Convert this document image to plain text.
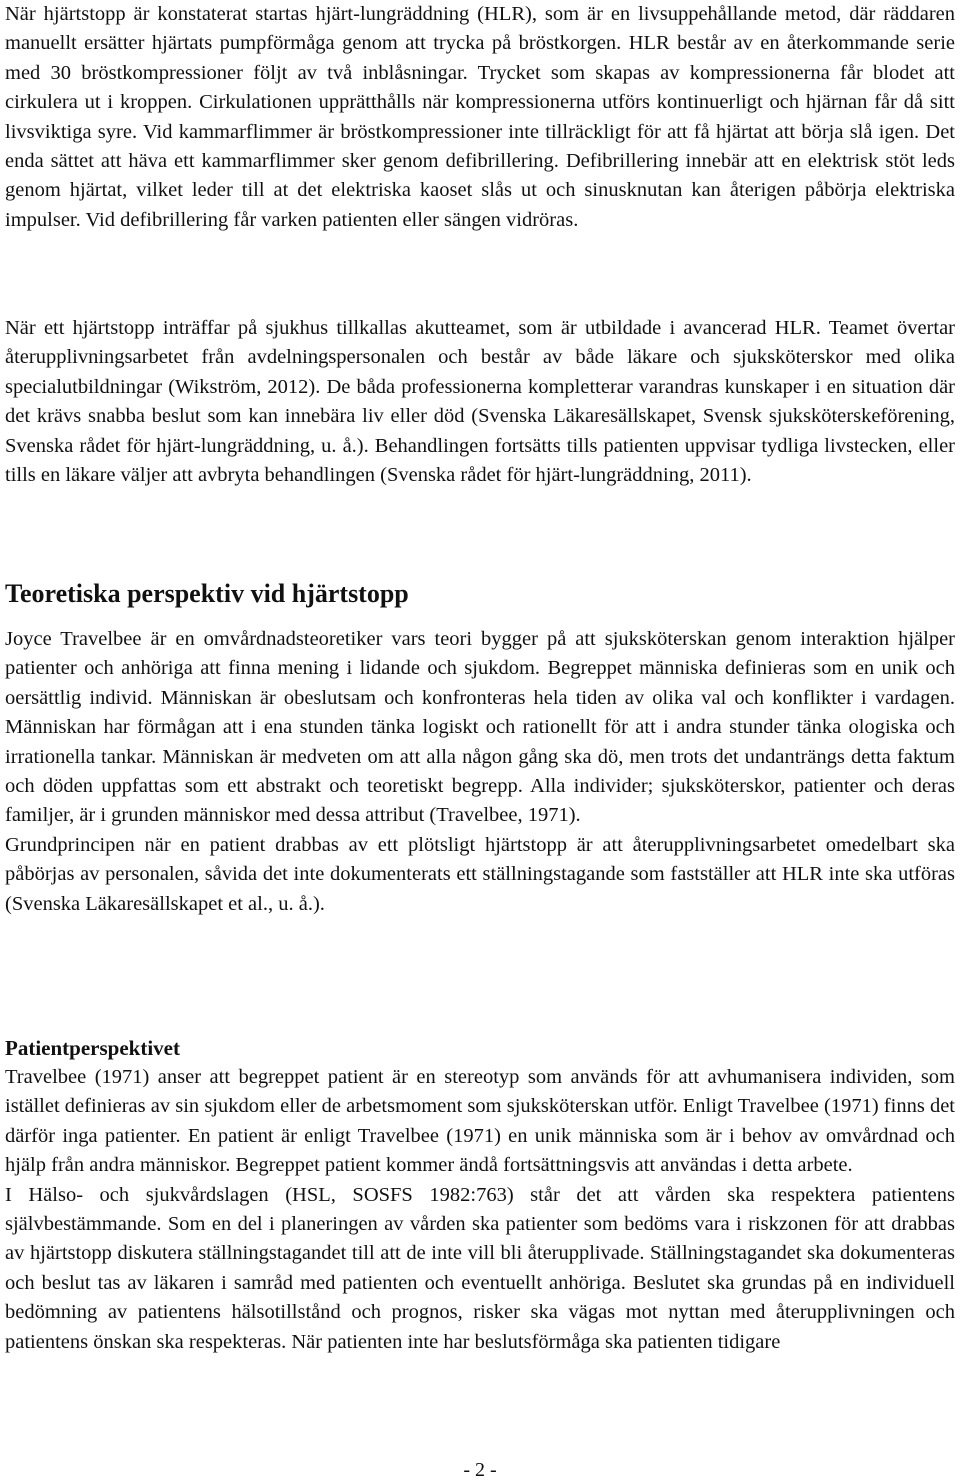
När hjärtstopp är konstaterat startas hjärt-lungräddning (HLR), som är en livsuppehållande metod, där räddaren manuellt ersätter hjärtats pumpförmåga genom att trycka på bröstkorgen. HLR består av en återkommande serie med 30 bröstkompressioner följt av två inblåsningar. Trycket som skapas av kompressionerna får blodet att cirkulera ut i kroppen. Cirkulationen upprätthålls när kompressionerna utförs kontinuerligt och hjärnan får då sitt livsviktiga syre. Vid kammarflimmer är bröstkompressioner inte tillräckligt för att få hjärtat att börja slå igen. Det enda sättet att häva ett kammarflimmer sker genom defibrillering. Defibrillering innebär att en elektrisk stöt leds genom hjärtat, vilket leder till at det elektriska kaoset slås ut och sinusknutan kan återigen påbörja elektriska impulser. Vid defibrillering får varken patienten eller sängen vidröras.

När ett hjärtstopp inträffar på sjukhus tillkallas akutteamet, som är utbildade i avancerad HLR. Teamet övertar återupplivningsarbetet från avdelningspersonalen och består av både läkare och sjuksköterskor med olika specialutbildningar (Wikström, 2012). De båda professionerna kompletterar varandras kunskaper i en situation där det krävs snabba beslut som kan innebära liv eller död (Svenska Läkaresällskapet, Svensk sjuksköterskeförening, Svenska rådet för hjärt-lungräddning, u. å.). Behandlingen fortsätts tills patienten uppvisar tydliga livstecken, eller tills en läkare väljer att avbryta behandlingen (Svenska rådet för hjärt-lungräddning, 2011).

Teoretiska perspektiv vid hjärtstopp

Joyce Travelbee är en omvårdnadsteoretiker vars teori bygger på att sjuksköterskan genom interaktion hjälper patienter och anhöriga att finna mening i lidande och sjukdom. Begreppet människa definieras som en unik och oersättlig individ. Människan är obeslutsam och konfronteras hela tiden av olika val och konflikter i vardagen. Människan har förmågan att i ena stunden tänka logiskt och rationellt för att i andra stunder tänka ologiska och irrationella tankar. Människan är medveten om att alla någon gång ska dö, men trots det undanträngs detta faktum och döden uppfattas som ett abstrakt och teoretiskt begrepp. Alla individer; sjuksköterskor, patienter och deras familjer, är i grunden människor med dessa attribut (Travelbee, 1971).

Grundprincipen när en patient drabbas av ett plötsligt hjärtstopp är att återupplivningsarbetet omedelbart ska påbörjas av personalen, såvida det inte dokumenterats ett ställningstagande som fastställer att HLR inte ska utföras (Svenska Läkaresällskapet et al., u. å.).

Patientperspektivet

Travelbee (1971) anser att begreppet patient är en stereotyp som används för att avhumanisera individen, som istället definieras av sin sjukdom eller de arbetsmoment som sjuksköterskan utför. Enligt Travelbee (1971) finns det därför inga patienter. En patient är enligt Travelbee (1971) en unik människa som är i behov av omvårdnad och hjälp från andra människor. Begreppet patient kommer ändå fortsättningsvis att användas i detta arbete.

I Hälso- och sjukvårdslagen (HSL, SOSFS 1982:763) står det att vården ska respektera patientens självbestämmande. Som en del i planeringen av vården ska patienter som bedöms vara i riskzonen för att drabbas av hjärtstopp diskutera ställningstagandet till att de inte vill bli återupplivade. Ställningstagandet ska dokumenteras och beslut tas av läkaren i samråd med patienten och eventuellt anhöriga. Beslutet ska grundas på en individuell bedömning av patientens hälsotillstånd och prognos, risker ska vägas mot nyttan med återupplivningen och patientens önskan ska respekteras. När patienten inte har beslutsförmåga ska patienten tidigare

- 2 -
